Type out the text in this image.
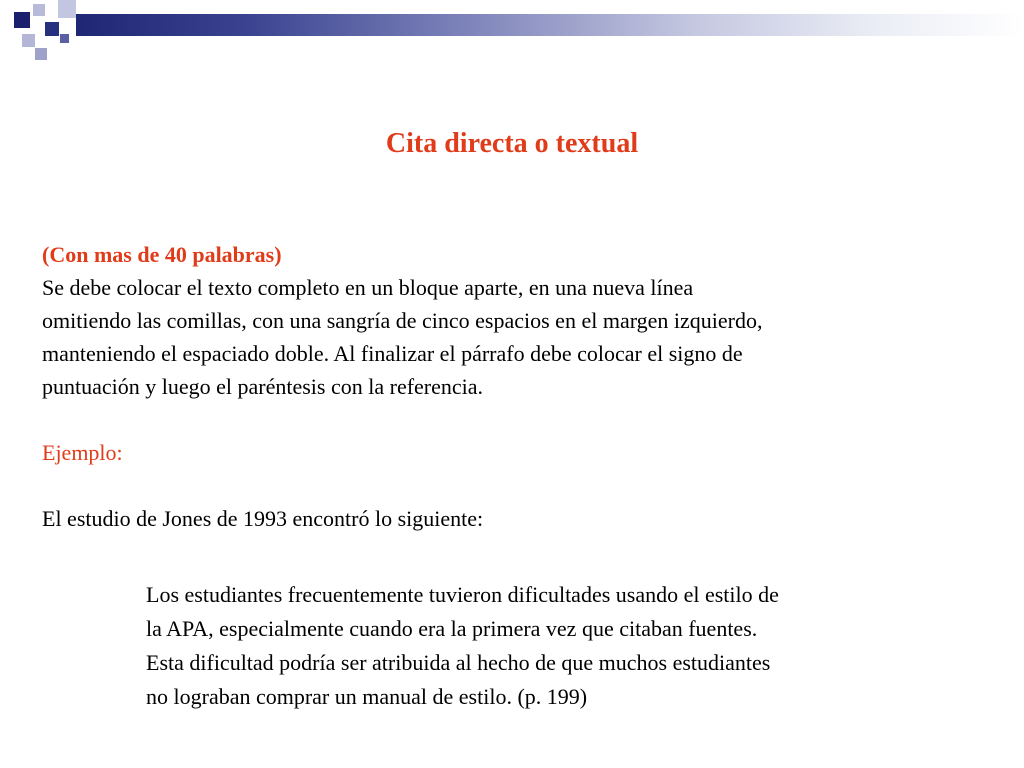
Cita directa o textual

(Con mas de 40 palabras)

Se debe colocar el texto completo en un bloque aparte, en una nueva línea

omitiendo las comillas, con una sangría de cinco espacios en el margen izquierdo,

manteniendo el espaciado doble. Al finalizar el párrafo debe colocar el signo de

puntuación y luego el paréntesis con la referencia.

Ejemplo:

El estudio de Jones de 1993 encontró lo siguiente:

Los estudiantes frecuentemente tuvieron dificultades usando el estilo de

la APA, especialmente cuando era la primera vez que citaban fuentes.

Esta dificultad podría ser atribuida al hecho de que muchos estudiantes

no lograban comprar un manual de estilo. (p. 199)
